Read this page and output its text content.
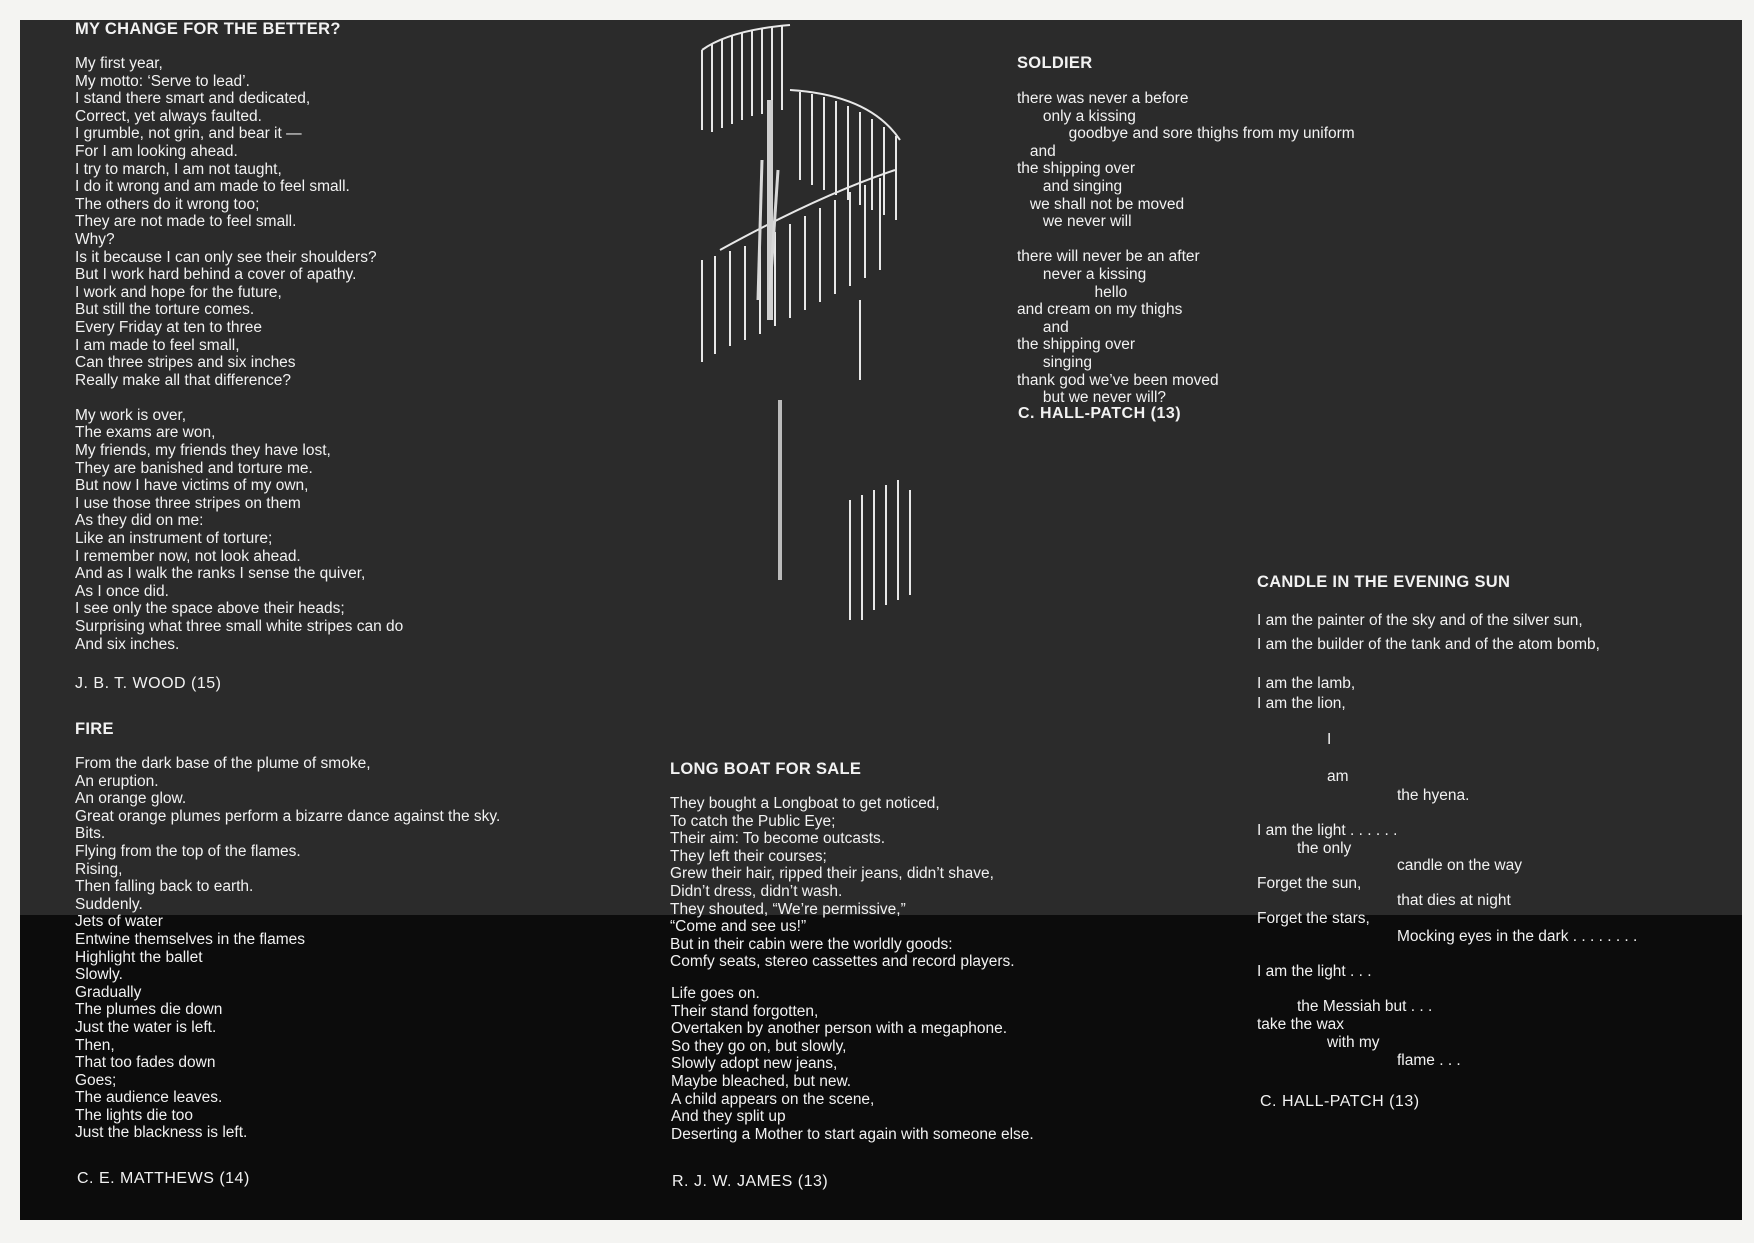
MY CHANGE FOR THE BETTER?
My first year,
My motto: ‘Serve to lead’.
I stand there smart and dedicated,
Correct, yet always faulted.
I grumble, not grin, and bear it —
For I am looking ahead.
I try to march, I am not taught,
I do it wrong and am made to feel small.
The others do it wrong too;
They are not made to feel small.
Why?
Is it because I can only see their shoulders?
But I work hard behind a cover of apathy.
I work and hope for the future,
But still the torture comes.
Every Friday at ten to three
I am made to feel small,
Can three stripes and six inches
Really make all that difference?
My work is over,
The exams are won,
My friends, my friends they have lost,
They are banished and torture me.
But now I have victims of my own,
I use those three stripes on them
As they did on me:
Like an instrument of torture;
I remember now, not look ahead.
And as I walk the ranks I sense the quiver,
As I once did.
I see only the space above their heads;
Surprising what three small white stripes can do
And six inches.
J. B. T. WOOD (15)
FIRE
From the dark base of the plume of smoke,
An eruption.
An orange glow.
Great orange plumes perform a bizarre dance against the sky.
Bits.
Flying from the top of the flames.
Rising,
Then falling back to earth.
Suddenly.
Jets of water
Entwine themselves in the flames
Highlight the ballet
Slowly.
Gradually
The plumes die down
Just the water is left.
Then,
That too fades down
Goes;
The audience leaves.
The lights die too
Just the blackness is left.
C. E. MATTHEWS (14)
LONG BOAT FOR SALE
They bought a Longboat to get noticed,
To catch the Public Eye;
Their aim: To become outcasts.
They left their courses;
Grew their hair, ripped their jeans, didn’t shave,
Didn’t dress, didn’t wash.
They shouted, “We’re permissive,”
“Come and see us!”
But in their cabin were the worldly goods:
Comfy seats, stereo cassettes and record players.
Life goes on.
Their stand forgotten,
Overtaken by another person with a megaphone.
So they go on, but slowly,
Slowly adopt new jeans,
Maybe bleached, but new.
A child appears on the scene,
And they split up
Deserting a Mother to start again with someone else.
R. J. W. JAMES (13)
SOLDIER
there was never a before
only a kissing
goodbye and sore thighs from my uniform
and
the shipping over
and singing
we shall not be moved
we never will
there will never be an after
never a kissing
hello
and cream on my thighs
and
the shipping over
singing
thank god we’ve been moved
but we never will?
C. HALL-PATCH (13)
CANDLE IN THE EVENING SUN
I am the painter of the sky and of the silver sun,
I am the builder of the tank and of the atom bomb,
I am the lamb,
I am the lion,
I
am
the hyena.
I am the light . . . . . .
the only
candle on the way
Forget the sun,
that dies at night
Forget the stars,
Mocking eyes in the dark . . . . . . . .
I am the light . . .
the Messiah but . . .
take the wax
with my
flame . . .
C. HALL-PATCH (13)
